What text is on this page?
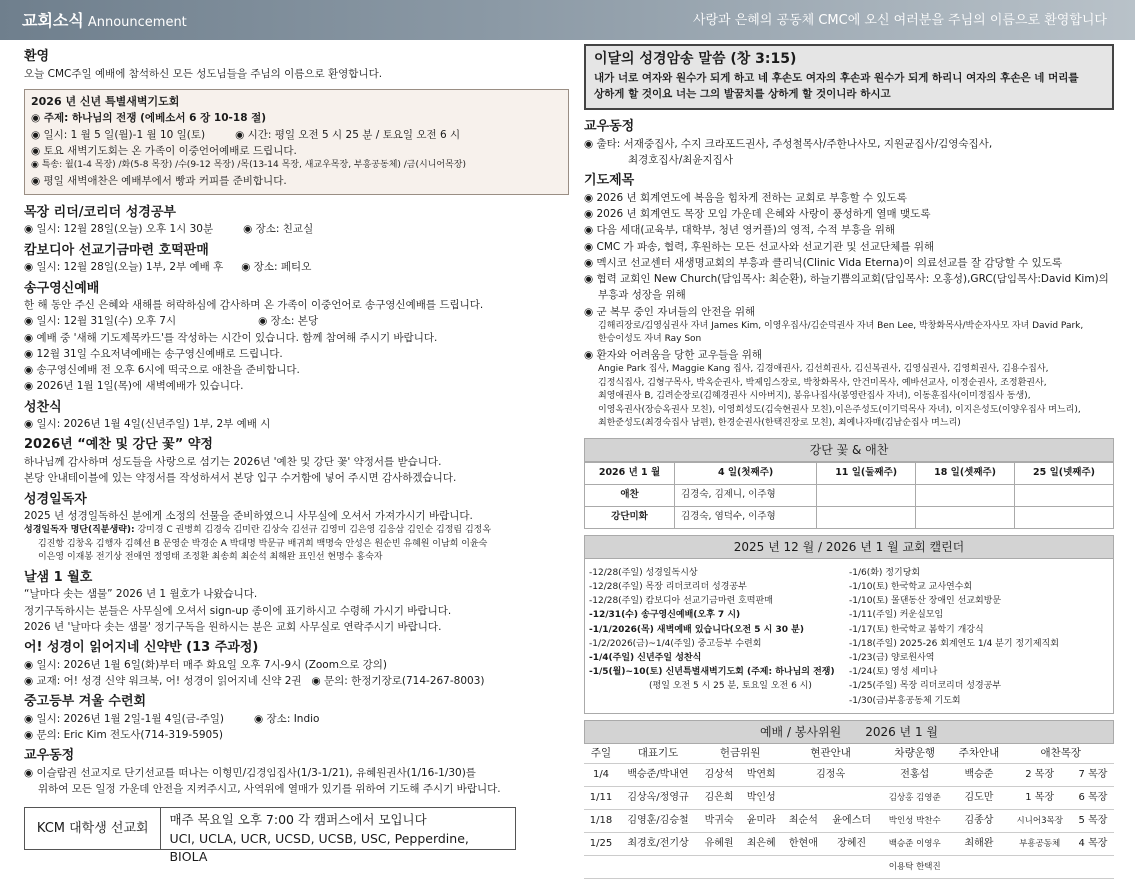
교회소식 Announcement	사랑과 은혜의 공동체 CMC에 오신 여러분을 주님의 이름으로 환영합니다
환영
오늘 CMC주일 예배에 참석하신 모든 성도님들을 주님의 이름으로 환영합니다.
2026 년 신년 특별새벽기도회
◉ 주제: 하나님의 전쟁 (에베소서 6 장 10-18 절)
◉ 일시: 1 월 5 일(월)-1 월 10 일(토)	◉ 시간: 평일 오전 5 시 25 분 / 토요일 오전 6 시
◉ 토요 새벽기도회는 온 가족이 이중언어예배로 드립니다.
◉ 특송: 월(1-4 목장) /화(5-8 목장) /수(9-12 목장) /목(13-14 목장, 새교우목장, 부흥공동체) /금(시니어목장)
◉ 평일 새벽애찬은 예배부에서 빵과 커피를 준비합니다.
목장 리더/코리더 성경공부
◉ 일시: 12월 28일(오늘) 오후 1시 30분	◉ 장소: 친교실
캄보디아 선교기금마련 호떡판매
◉ 일시: 12월 28일(오늘) 1부, 2부 예배 후 ◉ 장소: 페티오
송구영신예배
한 해 동안 주신 은혜와 새해를 허락하심에 감사하며 온 가족이 이중언어로 송구영신예배를 드립니다.
◉ 일시: 12월 31일(수) 오후 7시	◉ 장소: 본당
◉ 예배 중 '새해 기도제목카드'를 작성하는 시간이 있습니다. 함께 참여해 주시기 바랍니다.
◉ 12월 31일 수요저녁예배는 송구영신예배로 드립니다.
◉ 송구영신예배 전 오후 6시에 떡국으로 애찬을 준비합니다.
◉ 2026년 1월 1일(목)에 새벽예배가 있습니다.
성찬식
◉ 일시: 2026년 1월 4일(신년주일) 1부, 2부 예배 시
2026년 “예찬 및 강단 꽃” 약정
하나님께 감사하며 성도들을 사랑으로 섬기는 2026년 '예찬 및 강단 꽃' 약정서를 받습니다.
본당 안내테이블에 있는 약정서를 작성하셔서 본당 입구 수거함에 넣어 주시면 감사하겠습니다.
성경일독자
2025 년 성경일독하신 분에게 소정의 선물을 준비하였으니 사무실에 오셔서 가져가시기 바랍니다.
성경일독자 명단(직분생략): 강미경 C 권병희 김경숙 김미란 김상숙 김선규 김영미 김은영 김응삼 김인순 김정림 김정옥
김진항 김창옥 김행자 김혜선 B 문영순 박경순 A 박대명 박문규 배귀희 백명숙 안성은 원순빈 유혜원 이남희 이윤숙
이은영 이재봉 전기상 전애연 정영태 조정환 최송희 최순석 최해완 표인선 현명수 홍숙자
날샘 1 월호
“날마다 솟는 샘물” 2026 년 1 월호가 나왔습니다.
정기구독하시는 분들은 사무실에 오셔서 sign-up 종이에 표기하시고 수령해 가시기 바랍니다.
2026 년 '날마다 솟는 샘물' 정기구독을 원하시는 분은 교회 사무실로 연락주시기 바랍니다.
어! 성경이 읽어지네 신약반 (13 주과정)
◉ 일시: 2026년 1월 6일(화)부터 매주 화요일 오후 7시-9시 (Zoom으로 강의)
◉ 교재: 어! 성경 신약 워크북, 어! 성경이 읽어지네 신약 2권 ◉ 문의: 한정기장로(714-267-8003)
중고등부 겨울 수련회
◉ 일시: 2026년 1월 2일-1월 4일(금-주일)	◉ 장소: Indio
◉ 문의: Eric Kim 전도사(714-319-5905)
교우동정
◉ 이슬람권 선교지로 단기선교를 떠나는 이형민/김경임집사(1/3-1/21), 유혜원권사(1/16-1/30)를
위하여 모든 일정 가운데 안전을 지켜주시고, 사역위에 열매가 있기를 위하여 기도해 주시기 바랍니다.
KCM 대학생 선교회
매주 목요일 오후 7:00 각 캠퍼스에서 모입니다
UCI, UCLA, UCR, UCSD, UCSB, USC, Pepperdine, BIOLA
이달의 성경암송 말씀 (창 3:15)
내가 너로 여자와 원수가 되게 하고 네 후손도 여자의 후손과 원수가 되게 하리니 여자의 후손은 네 머리를
상하게 할 것이요 너는 그의 발꿈치를 상하게 할 것이니라 하시고
교우동정
◉ 출타: 서재중집사, 수지 크라포드권사, 주성철목사/주한나사모, 지원균집사/김영숙집사,
최경호집사/최윤지집사
기도제목
◉ 2026 년 회계연도에 복음을 힘차게 전하는 교회로 부흥할 수 있도록
◉ 2026 년 회계연도 목장 모임 가운데 은혜와 사랑이 풍성하게 열매 맺도록
◉ 다음 세대(교육부, 대학부, 청년 영커플)의 영적, 수적 부흥을 위해
◉ CMC 가 파송, 협력, 후원하는 모든 선교사와 선교기관 및 선교단체를 위해
◉ 멕시코 선교센터 새생명교회의 부흥과 클리닉(Clinic Vida Eterna)이 의료선교를 잘 감당할 수 있도록
◉ 협력 교회인 New Church(담임목사: 최순환), 하늘기쁨의교회(담임목사: 오홍성),GRC(담임목사:David Kim)의
부흥과 성장을 위해
◉ 군 복무 중인 자녀들의 안전을 위해
김해리장로/김영심권사 자녀 James Kim, 이영우집사/김순덕권사 자녀 Ben Lee, 박창화목사/박순자사모 자녀 David Park,
한승이성도 자녀 Ray Son
◉ 환자와 어려움을 당한 교우들을 위해
Angie Park 집사, Maggie Kang 집사, 김경애권사, 김선희권사, 김신복권사, 김영심권사, 김영희권사, 김용수집사,
김정식집사, 김형구목사, 박옥순권사, 박제임스장로, 박창화목사, 안건미목사, 예바선교사, 이정순권사, 조정환권사,
최영애권사 B, 김려순장로(김혜경권사 시아버지), 봉유나집사(봉영란집사 자녀), 이동훈집사(이미정집사 동생),
이영옥권사(장승옥권사 모친), 이영희성도(김숙현권사 모친),이은주성도(이기덕목사 자녀), 이지은성도(이양우집사 며느리),
최한준성도(최경숙집사 남편), 한경순권사(한택진장로 모친), 최예나자매(김남순집사 며느리)
강단 꽃 & 애찬
2026 년 1 월	4 일(첫째주)	11 일(둘째주)	18 일(셋째주)	25 일(넷째주)
애찬	김경숙, 김제니, 이주형			
강단미화	김경숙, 염덕수, 이주형			
2025 년 12 월 / 2026 년 1 월 교회 캘린더
-12/28(주일) 성경일독시상
-12/28(주일) 목장 리더코리더 성경공부
-12/28(주일) 캄보디아 선교기금마련 호떡판매
-12/31(수) 송구영신예배(오후 7 시)
-1/1/2026(목) 새벽예배 있습니다(오전 5 시 30 분)
-1/2/2026(금)~1/4(주일) 중고등부 수련회
-1/4(주일) 신년주일 성찬식
-1/5(월)~10(토) 신년특별새벽기도회 (주제: 하나님의 전쟁)
(평일 오전 5 시 25 분, 토요일 오전 6 시)
-1/6(화) 정기당회
-1/10(토) 한국학교 교사연수회
-1/10(토) 몰댄동산 장애인 선교회방문
-1/11(주일) 커운실모임
-1/17(토) 한국학교 봄학기 개강식
-1/18(주일) 2025-26 회계연도 1/4 분기 정기제직회
-1/23(금) 양로원사역
-1/24(토) 영성 세미나
-1/25(주일) 목장 리더코리더 성경공부
-1/30(금)부흥공동체 기도회
예배 / 봉사위원 2026 년 1 월
주일	대표기도	헌금위원		현관안내		차량운행	주차안내	애찬목장	
1/4	백승준/박내연	김상석	박연희	김정옥		전홍섭	백승준	2 목장	7 목장
1/11	김상옥/정영규	김은희	박인성			김상홍 김영준	김도만	1 목장	6 목장
1/18	김영훈/김승철	박귀숙	윤미라	최순석	윤에스더	박인성 박찬수	김종상	시니어3목장	5 목장
1/25	최경호/전기상	유혜원	최은혜	한현애	장혜진	백승준 이영우	최해완	부흥공동체	4 목장
						이용탁 한택진			
